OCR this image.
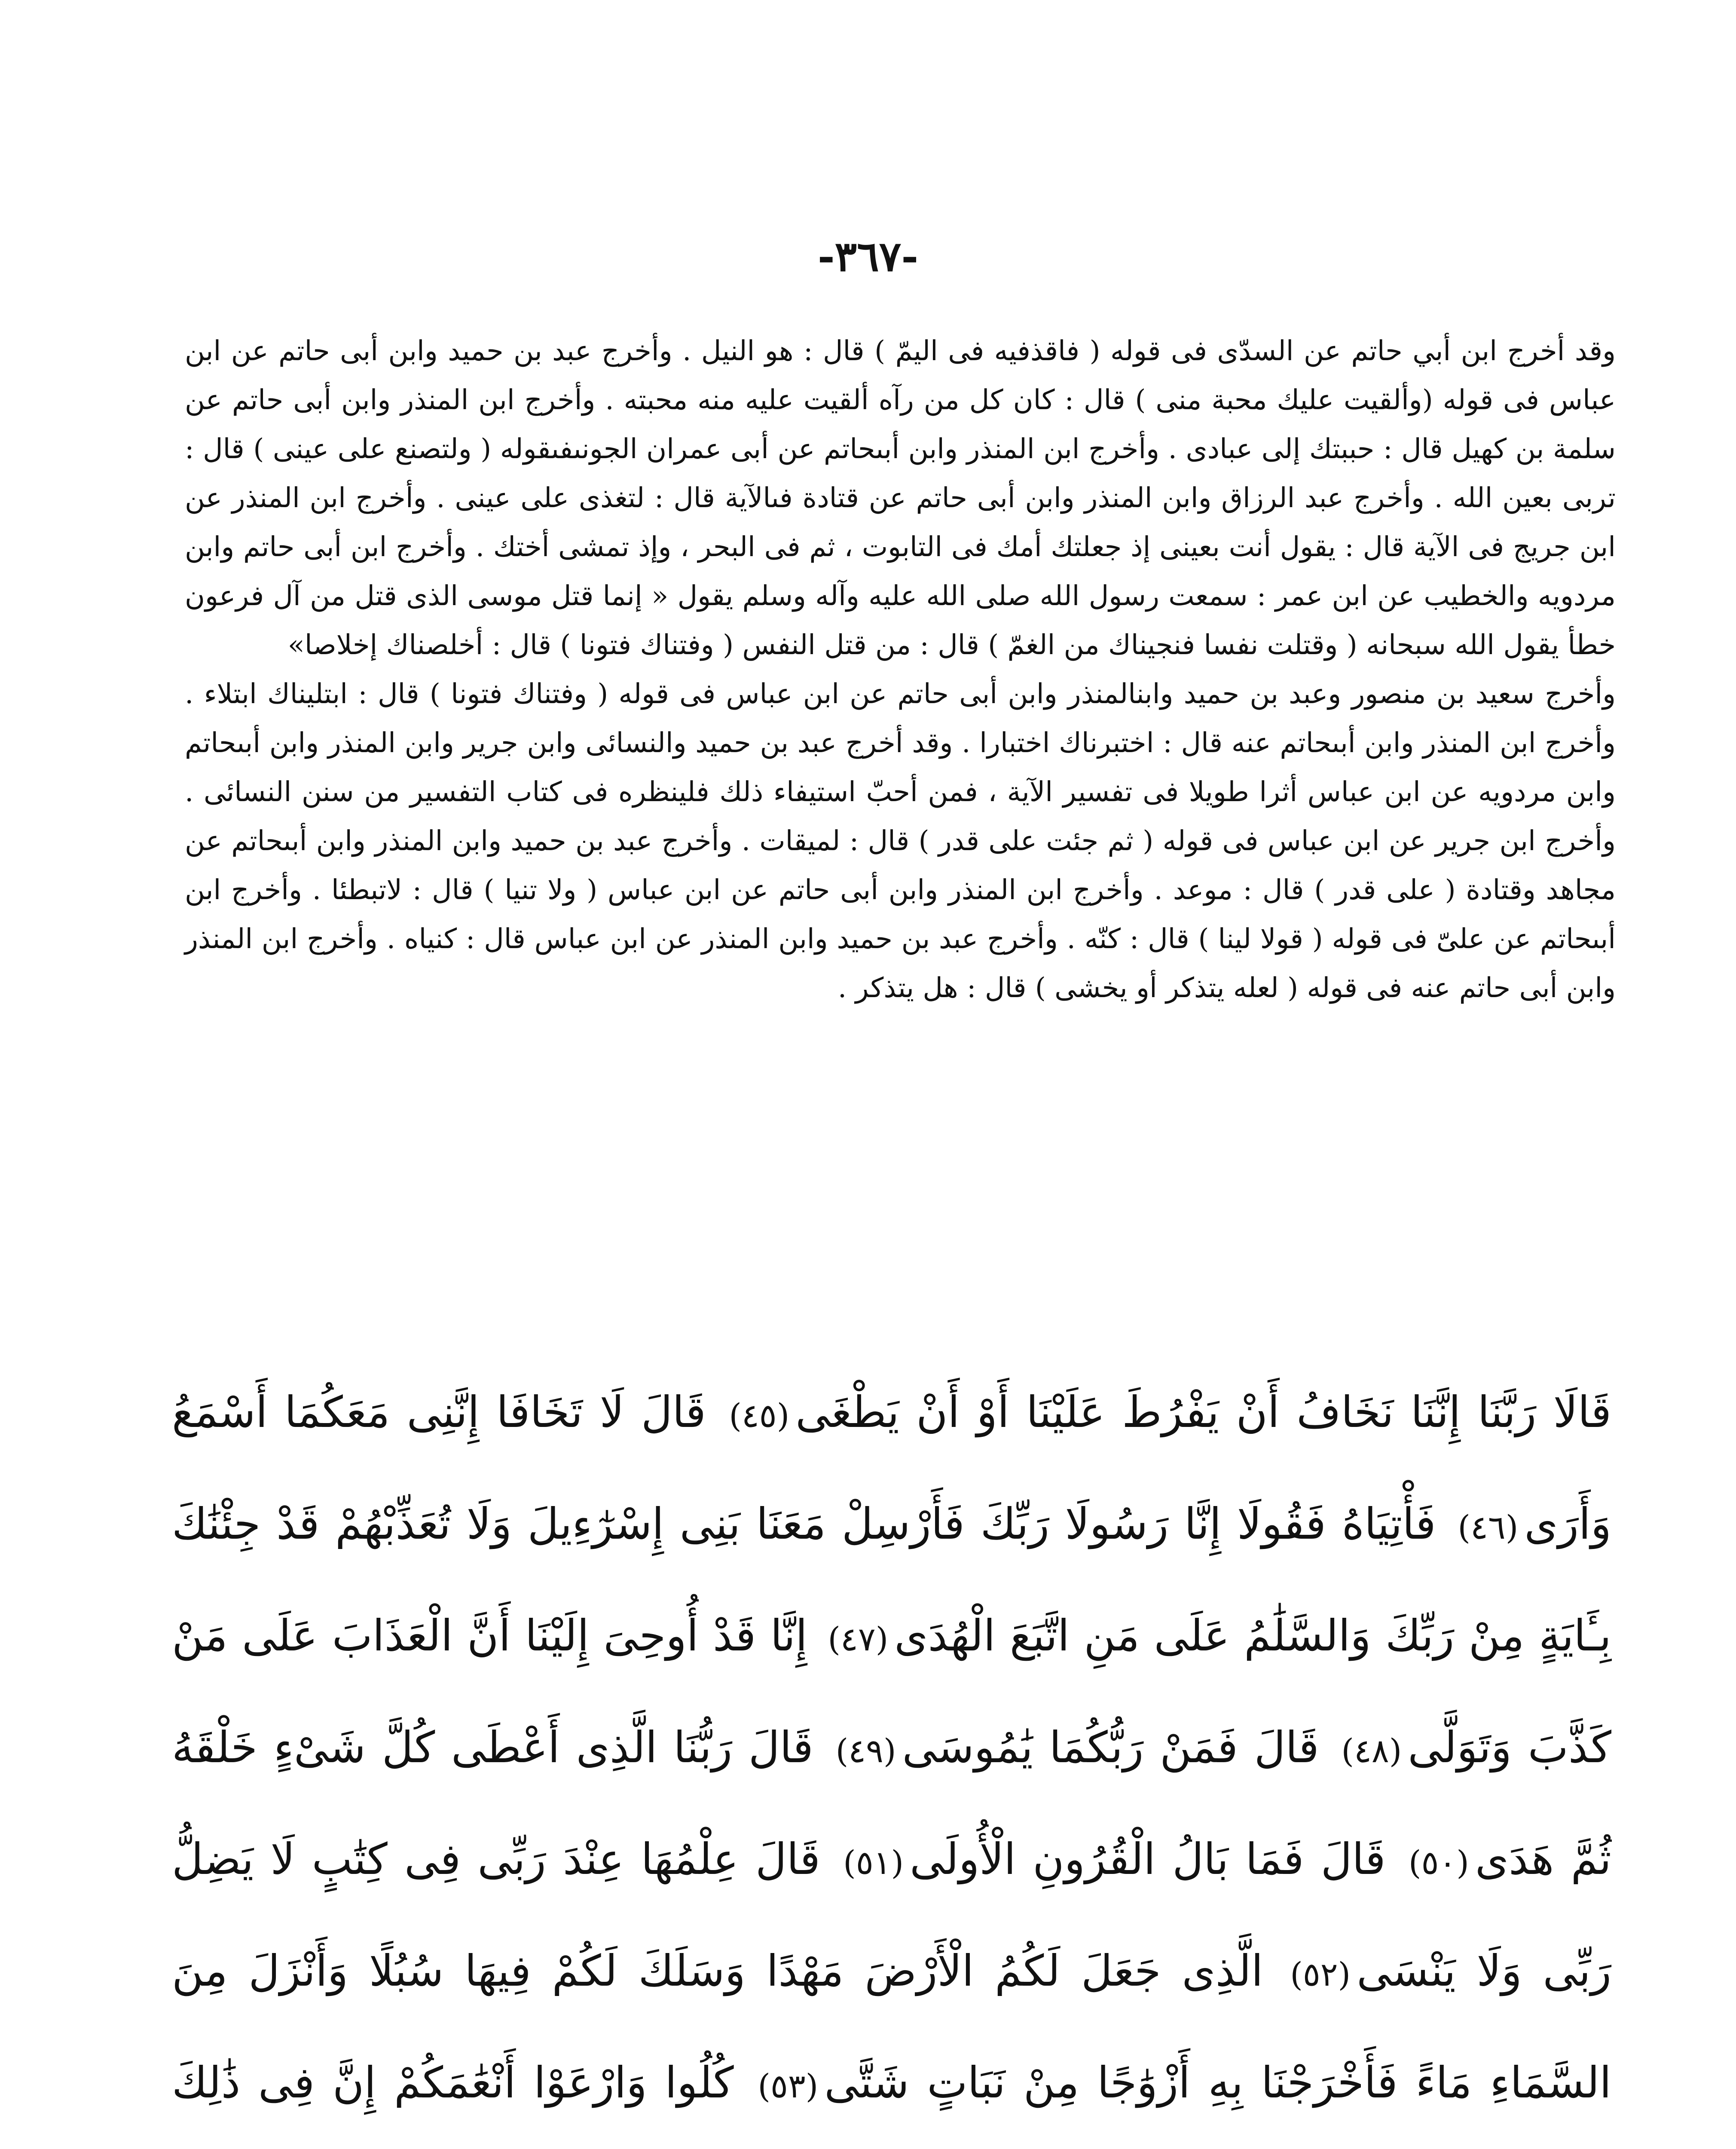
-٣٦٧-

وقد أخرج ابن أبي حاتم عن السدّى فى قوله ( فاقذفيه فى اليمّ ) قال : هو النيل . وأخرج عبد بن حميد وابن أبى حاتم عن ابن عباس فى قوله (وألقيت عليك محبة منى ) قال : كان كل من رآه ألقيت عليه منه محبته . وأخرج ابن المنذر وابن أبى حاتم عن سلمة بن كهيل قال : حببتك إلى عبادى . وأخرج ابن المنذر وابن أبىحاتم عن أبى عمران الجونىفىقوله ( ولتصنع على عينى ) قال : تربى بعين الله . وأخرج عبد الرزاق وابن المنذر وابن أبى حاتم عن قتادة فىالآية قال : لتغذى على عينى . وأخرج ابن المنذر عن ابن جريج فى الآية قال : يقول أنت بعينى إذ جعلتك أمك فى التابوت ، ثم فى البحر ، وإذ تمشى أختك . وأخرج ابن أبى حاتم وابن مردويه والخطيب عن ابن عمر : سمعت رسول الله صلى الله عليه وآله وسلم يقول « إنما قتل موسى الذى قتل من آل فرعون خطأ يقول الله سبحانه ( وقتلت نفسا فنجيناك من الغمّ ) قال : من قتل النفس ( وفتناك فتونا ) قال : أخلصناك إخلاصا»

وأخرج سعيد بن منصور وعبد بن حميد وابنالمنذر وابن أبى حاتم عن ابن عباس فى قوله ( وفتناك فتونا ) قال : ابتليناك ابتلاء . وأخرج ابن المنذر وابن أبىحاتم عنه قال : اختبرناك اختبارا . وقد أخرج عبد بن حميد والنسائى وابن جرير وابن المنذر وابن أبىحاتم وابن مردويه عن ابن عباس أثرا طويلا فى تفسير الآية ، فمن أحبّ استيفاء ذلك فلينظره فى كتاب التفسير من سنن النسائى . وأخرج ابن جرير عن ابن عباس فى قوله ( ثم جئت على قدر ) قال : لميقات . وأخرج عبد بن حميد وابن المنذر وابن أبىحاتم عن مجاهد وقتادة ( على قدر ) قال : موعد . وأخرج ابن المنذر وابن أبى حاتم عن ابن عباس ( ولا تنيا ) قال : لاتبطئا . وأخرج ابن أبىحاتم عن علىّ فى قوله ( قولا لينا ) قال : كنّه . وأخرج عبد بن حميد وابن المنذر عن ابن عباس قال : كنياه . وأخرج ابن المنذر وابن أبى حاتم عنه فى قوله ( لعله يتذكر أو يخشى ) قال : هل يتذكر .

قَالَا رَبَّنَا إِنَّنَا نَخَافُ أَنْ يَفْرُطَ عَلَيْنَا أَوْ أَنْ يَطْغَى(٤٥) قَالَ لَا تَخَافَا إِنَّنِى مَعَكُمَا أَسْمَعُ وَأَرَى(٤٦) فَأْتِيَاهُ فَقُولَا إِنَّا رَسُولَا رَبِّكَ فَأَرْسِلْ مَعَنَا بَنِى إِسْرٰٓءِيلَ وَلَا تُعَذِّبْهُمْ قَدْ جِئْنَٰكَ بِـَٔايَةٍ مِنْ رَبِّكَ وَالسَّلَٰمُ عَلَى مَنِ اتَّبَعَ الْهُدَى(٤٧) إِنَّا قَدْ أُوحِىَ إِلَيْنَا أَنَّ الْعَذَابَ عَلَى مَنْ كَذَّبَ وَتَوَلَّى(٤٨) قَالَ فَمَنْ رَبُّكُمَا يَٰمُوسَى(٤٩) قَالَ رَبُّنَا الَّذِى أَعْطَى كُلَّ شَىْءٍ خَلْقَهُ ثُمَّ هَدَى(٥٠) قَالَ فَمَا بَالُ الْقُرُونِ الْأُولَى(٥١) قَالَ عِلْمُهَا عِنْدَ رَبِّى فِى كِتَٰبٍ لَا يَضِلُّ رَبِّى وَلَا يَنْسَى(٥٢) الَّذِى جَعَلَ لَكُمُ الْأَرْضَ مَهْدًا وَسَلَكَ لَكُمْ فِيهَا سُبُلًا وَأَنْزَلَ مِنَ السَّمَاءِ مَاءً فَأَخْرَجْنَا بِهِ أَزْوَٰجًا مِنْ نَبَاتٍ شَتَّى(٥٣) كُلُوا وَارْعَوْا أَنْعَٰمَكُمْ إِنَّ فِى ذَٰلِكَ
